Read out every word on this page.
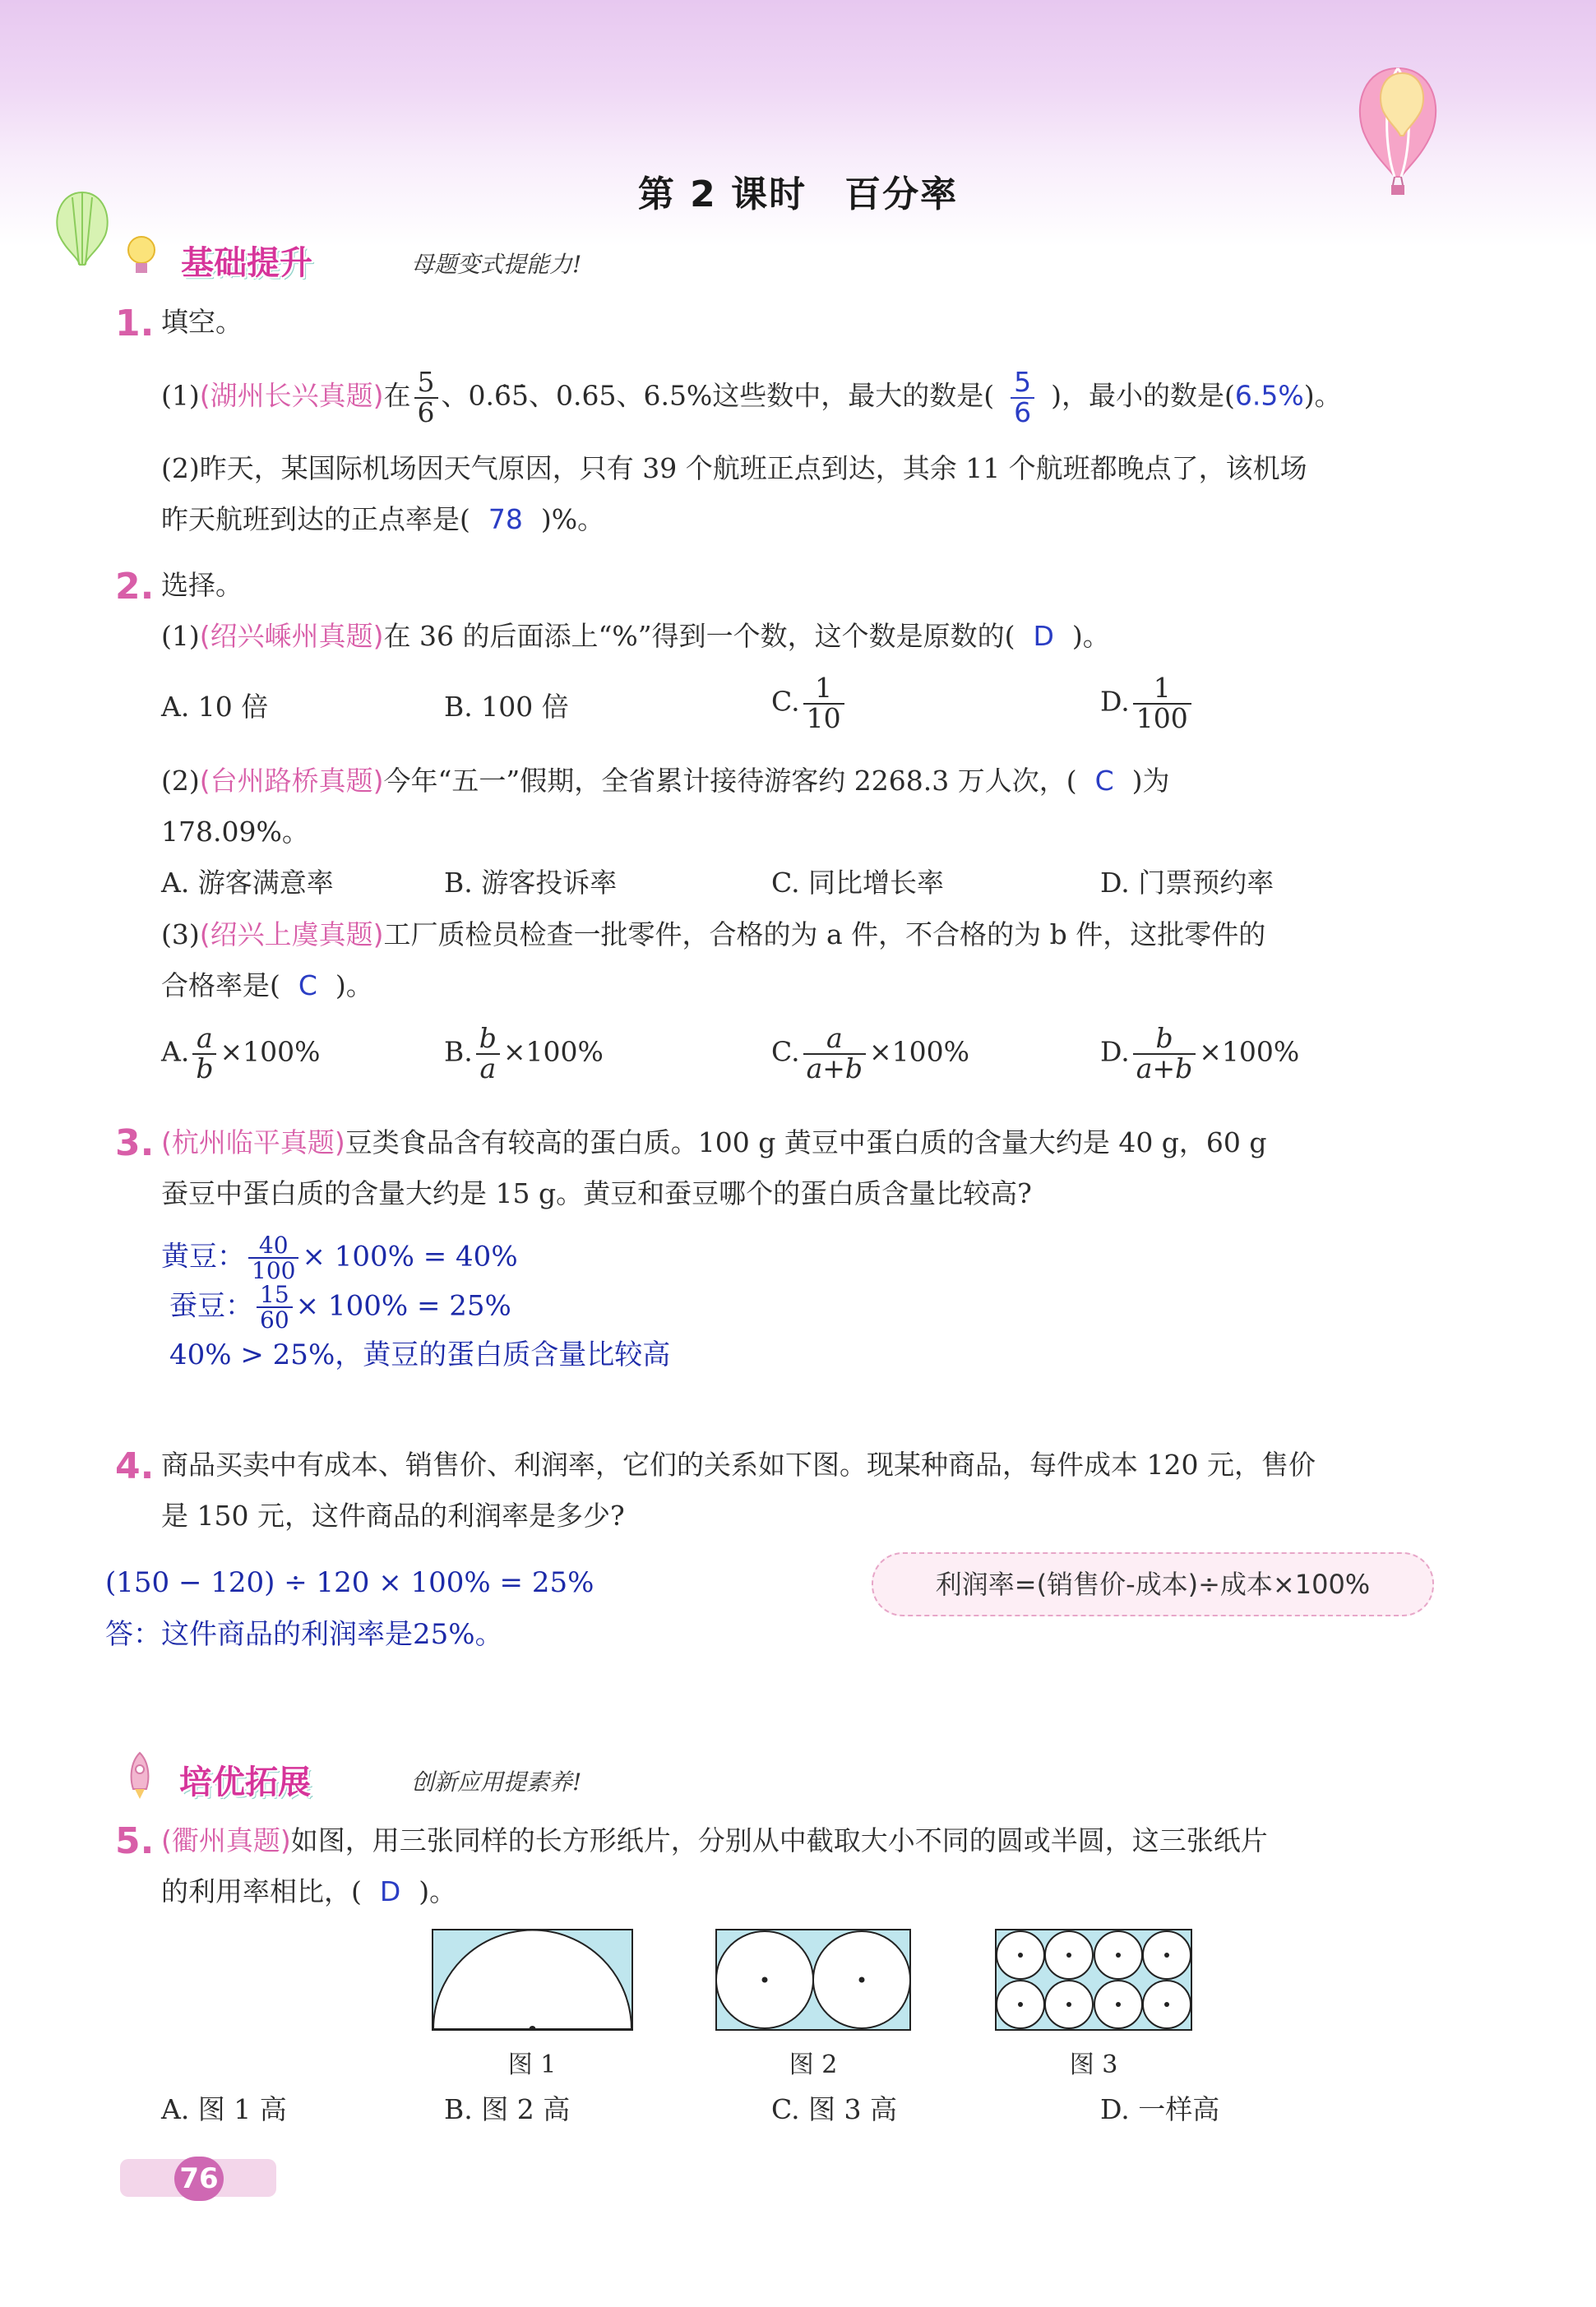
第 2 课时　百分率
基础提升	母题变式提能力!
1. 填空。
(1)(湖州长兴真题)在 $\frac{5}{6}$ 、0.6̇5̇、0.65、6.5%这些数中，最大的数是( $\frac{5}{6}$ )，最小的数是(6.5%)。
(2)昨天，某国际机场因天气原因，只有 39 个航班正点到达，其余 11 个航班都晚点了，该机场
昨天航班到达的正点率是( 78 )%。
2. 选择。
(1)(绍兴嵊州真题)在 36 的后面添上“%”得到一个数，这个数是原数的( D )。
A. 10 倍	B. 100 倍	C. $\frac{1}{10}$	D. $\frac{1}{100}$
(2)(台州路桥真题)今年“五一”假期，全省累计接待游客约 2268.3 万人次，( C )为
178.09%。
A. 游客满意率	B. 游客投诉率	C. 同比增长率	D. 门票预约率
(3)(绍兴上虞真题)工厂质检员检查一批零件，合格的为 a 件，不合格的为 b 件，这批零件的
合格率是( C )。
A. $\frac{a}{b} \times 100\%$	B. $\frac{b}{a} \times 100\%$	C. $\frac{a}{a+b} \times 100\%$	D. $\frac{b}{a+b} \times 100\%$
3. (杭州临平真题)豆类食品含有较高的蛋白质。100 g 黄豆中蛋白质的含量大约是 40 g，60 g
蚕豆中蛋白质的含量大约是 15 g。黄豆和蚕豆哪个的蛋白质含量比较高?
黄豆： $\frac{40}{100} \times 100\% = 40\%$
蚕豆： $\frac{15}{60} \times 100\% = 25\%$
40% > 25%，黄豆的蛋白质含量比较高
4. 商品买卖中有成本、销售价、利润率，它们的关系如下图。现某种商品，每件成本 120 元，售价
是 150 元，这件商品的利润率是多少?
利润率=(销售价-成本)÷成本×100%
(150 − 120) ÷ 120 × 100% = 25%
答：这件商品的利润率是25%。
培优拓展	创新应用提素养!
5. (衢州真题)如图，用三张同样的长方形纸片，分别从中截取大小不同的圆或半圆，这三张纸片
的利用率相比，( D )。
图 1	图 2	图 3
A. 图 1 高	B. 图 2 高	C. 图 3 高	D. 一样高
76
